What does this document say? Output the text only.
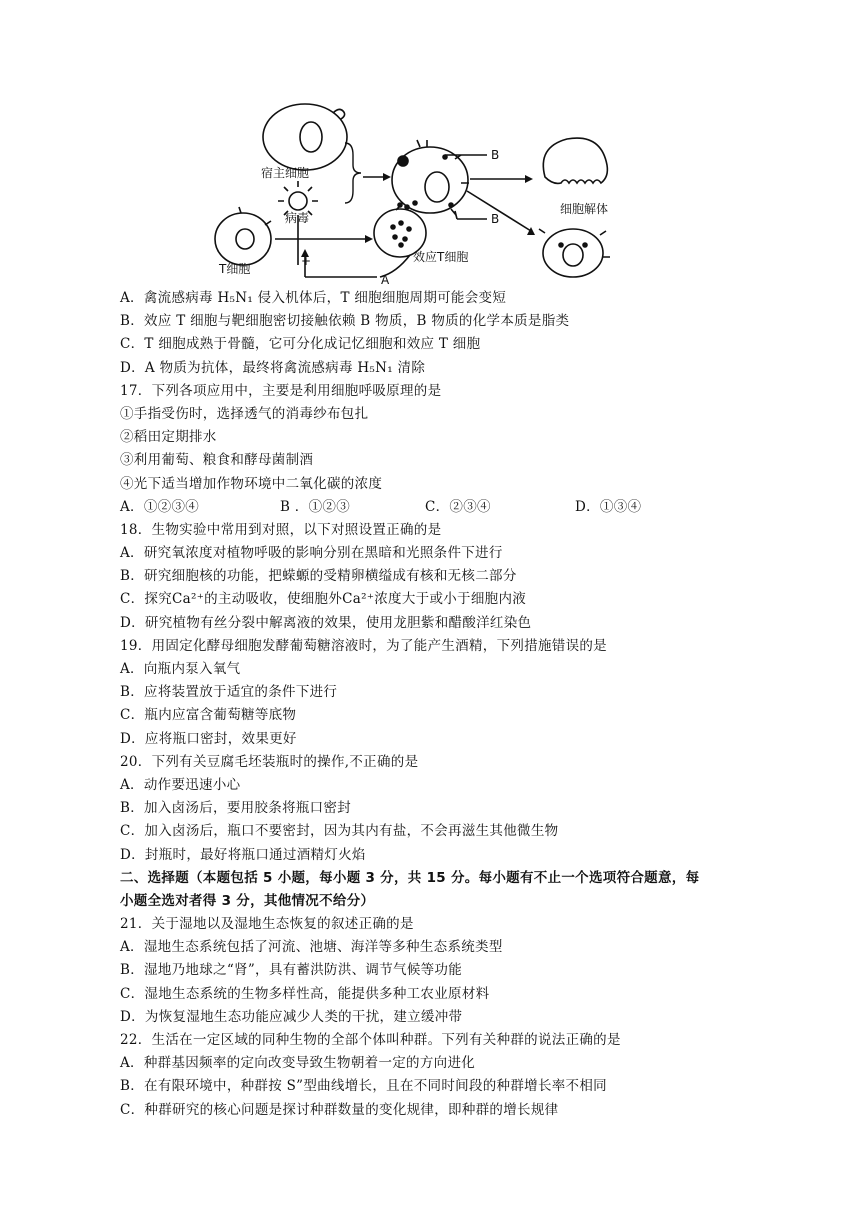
宿主细胞
病毒
T细胞
效应T细胞
细胞解体
B
B
A
+
A．禽流感病毒 H₅N₁ 侵入机体后，T 细胞细胞周期可能会变短
B．效应 T 细胞与靶细胞密切接触依赖 B 物质，B 物质的化学本质是脂类
C．T 细胞成熟于骨髓，它可分化成记忆细胞和效应 T 细胞
D．A 物质为抗体，最终将禽流感病毒 H₅N₁ 清除
17．下列各项应用中，主要是利用细胞呼吸原理的是
①手指受伤时，选择透气的消毒纱布包扎
②稻田定期排水
③利用葡萄、粮食和酵母菌制酒
④光下适当增加作物环境中二氧化碳的浓度
A．①②③④	B ．①②③	C．②③④	D．①③④
18．生物实验中常用到对照，以下对照设置正确的是
A．研究氧浓度对植物呼吸的影响分别在黑暗和光照条件下进行
B．研究细胞核的功能，把蝾螈的受精卵横缢成有核和无核二部分
C．探究Ca²⁺的主动吸收，使细胞外Ca²⁺浓度大于或小于细胞内液
D．研究植物有丝分裂中解离液的效果，使用龙胆紫和醋酸洋红染色
19．用固定化酵母细胞发酵葡萄糖溶液时，为了能产生酒精，下列措施错误的是
A．向瓶内泵入氧气
B．应将装置放于适宜的条件下进行
C．瓶内应富含葡萄糖等底物
D．应将瓶口密封，效果更好
20．下列有关豆腐毛坯装瓶时的操作,不正确的是
A．动作要迅速小心
B．加入卤汤后，要用胶条将瓶口密封
C．加入卤汤后，瓶口不要密封，因为其内有盐，不会再滋生其他微生物
D．封瓶时，最好将瓶口通过酒精灯火焰
二、选择题（本题包括 5 小题，每小题 3 分，共 15 分。每小题有不止一个选项符合题意，每
小题全选对者得 3 分，其他情况不给分）
21．关于湿地以及湿地生态恢复的叙述正确的是
A．湿地生态系统包括了河流、池塘、海洋等多种生态系统类型
B．湿地乃地球之“肾”，具有蓄洪防洪、调节气候等功能
C．湿地生态系统的生物多样性高，能提供多种工农业原材料
D．为恢复湿地生态功能应减少人类的干扰，建立缓冲带
22．生活在一定区域的同种生物的全部个体叫种群。下列有关种群的说法正确的是
A．种群基因频率的定向改变导致生物朝着一定的方向进化
B．在有限环境中，种群按 S”型曲线增长，且在不同时间段的种群增长率不相同
C．种群研究的核心问题是探讨种群数量的变化规律，即种群的增长规律
